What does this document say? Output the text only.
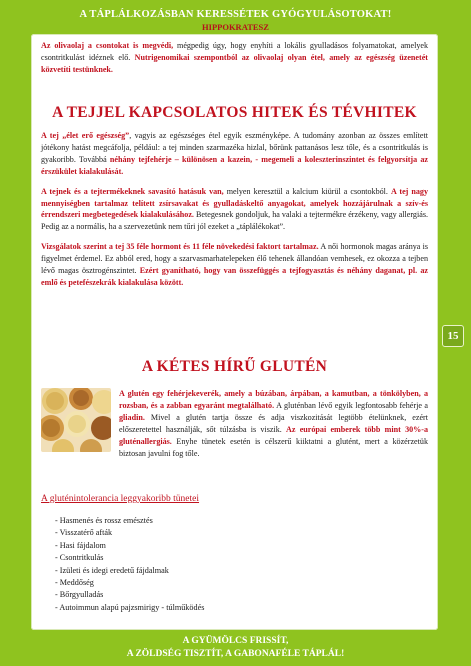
A TÁPLÁLKOZÁSBAN KERESSÉTEK GYÓGYULÁSOTOKAT!
HIPPOKRATESZ

Az olivaolaj a csontokat is megvédi, mégpedig úgy, hogy enyhíti a lokális gyulladásos folyamatokat, amelyek csontritkulást idéznek elő. Nutrigenomikai szempontból az olivaolaj olyan étel, amely az egészség üzenetét közvetíti testünknek.

A TEJJEL KAPCSOLATOS HITEK ÉS TÉVHITEK

A tej „élet erő egészség”, vagyis az egészséges étel egyik eszményképe. A tudomány azonban az összes említett jótékony hatást megcáfolja, például: a tej minden szarmazéka hizlal, bőrünk pattanásos lesz tőle, és a csontritkulás is gyakoribb. Továbbá néhány tejfehérje – különösen a kazein, - megemeli a koleszterinszintet és felgyorsítja az érszükület kialakulását.

A tejnek és a tejtermékeknek savasító hatásuk van, melyen keresztül a kalcium kiürül a csontokból. A tej nagy mennyiségben tartalmaz telített zsírsavakat és gyulladáskeltő anyagokat, amelyek hozzájárulnak a szív-és érrendszeri megbetegedések kialakulásához. Betegesnek gondoljuk, ha valaki a tejtermékre érzékeny, vagy allergiás. Pedig az a normális, ha a szervezetünk nem tűri jól ezeket a „táplálékokat”.

Vizsgálatok szerint a tej 35 féle hormont és 11 féle növekedési faktort tartalmaz. A női hormonok magas aránya is figyelmet érdemel. Ez abból ered, hogy a szarvasmarhatelepeken élő tehenek állandóan vemhesek, ez okozza a tejben lévő magas ösztrogénszintet. Ezért gyanítható, hogy van összefüggés a tejfogyasztás és néhány daganat, pl. az emlő és petefészekrák kialakulása között.

15
A KÉTES HÍRŰ GLUTÉN
A glutén egy fehérjekeverék, amely a búzában, árpában, a kamutban, a tönkölyben, a rozsban, és a zabban egyaránt megtalálható. A gluténban lévő egyik legfontosabb fehérje a gliadin. Mivel a glutén tartja össze és adja viszkozitását legtöbb ételünknek, ezért előszeretettel használják, sőt túlzásba is viszik. Az európai emberek több mint 30%-a gluténallergiás. Enyhe tünetek esetén is célszerű kiiktatni a glutént, mert a közérzetük biztosan javulni fog tőle.
A gluténintolerancia leggyakoribb tünetei
- Hasmenés és rossz emésztés
- Visszatérő afták
- Hasi fájdalom
- Csontritkulás
- Izületi és idegi eredetű fájdalmak
- Meddőség
- Bőrgyulladás
- Autoimmun alapú pajzsmirigy - túlműködés
A GYÜMÖLCS FRISSÍT,
A ZÖLDSÉG TISZTÍT, A GABONAFÉLE TÁPLÁL!
